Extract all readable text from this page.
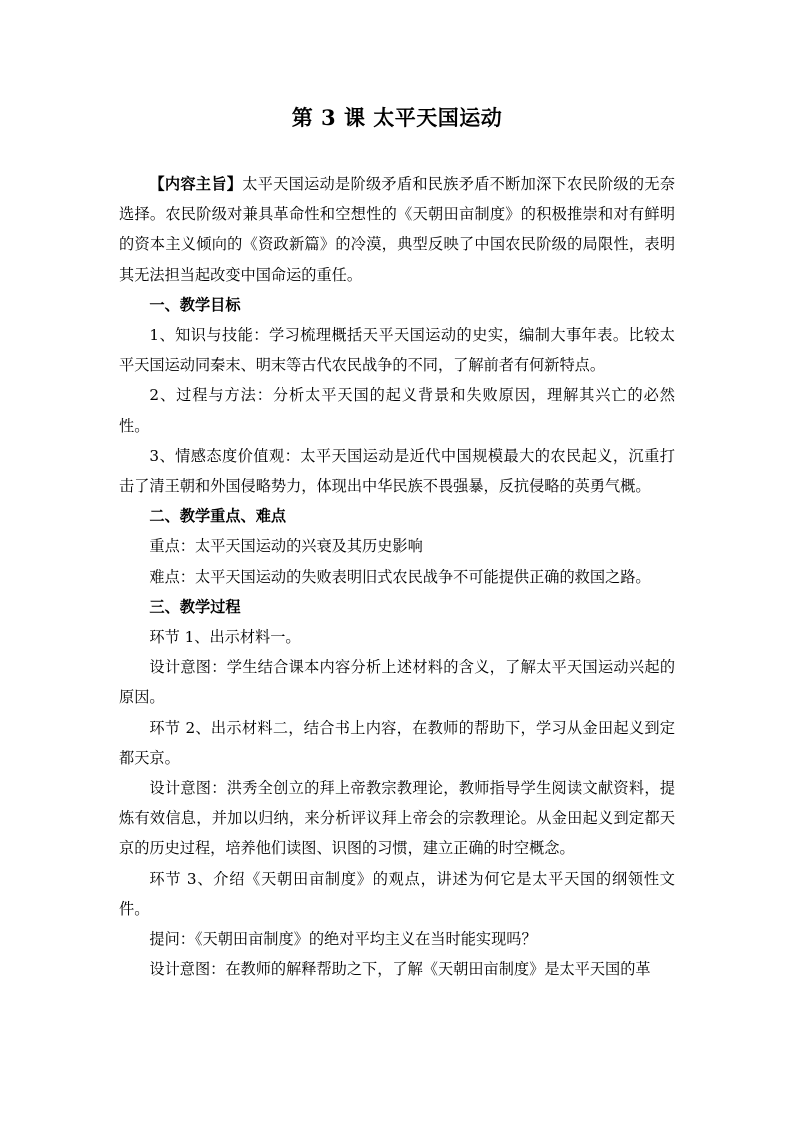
第 3 课 太平天国运动

【内容主旨】太平天国运动是阶级矛盾和民族矛盾不断加深下农民阶级的无奈选择。农民阶级对兼具革命性和空想性的《天朝田亩制度》的积极推崇和对有鲜明的资本主义倾向的《资政新篇》的冷漠，典型反映了中国农民阶级的局限性，表明其无法担当起改变中国命运的重任。

一、教学目标

1、知识与技能：学习梳理概括天平天国运动的史实，编制大事年表。比较太平天国运动同秦末、明末等古代农民战争的不同，了解前者有何新特点。

2、过程与方法：分析太平天国的起义背景和失败原因，理解其兴亡的必然性。

3、情感态度价值观：太平天国运动是近代中国规模最大的农民起义，沉重打击了清王朝和外国侵略势力，体现出中华民族不畏强暴，反抗侵略的英勇气概。

二、教学重点、难点

重点：太平天国运动的兴衰及其历史影响

难点：太平天国运动的失败表明旧式农民战争不可能提供正确的救国之路。

三、教学过程

环节 1、出示材料一。

设计意图：学生结合课本内容分析上述材料的含义，了解太平天国运动兴起的原因。

环节 2、出示材料二，结合书上内容，在教师的帮助下，学习从金田起义到定都天京。

设计意图：洪秀全创立的拜上帝教宗教理论，教师指导学生阅读文献资料，提炼有效信息，并加以归纳，来分析评议拜上帝会的宗教理论。从金田起义到定都天京的历史过程，培养他们读图、识图的习惯，建立正确的时空概念。

环节 3、介绍《天朝田亩制度》的观点，讲述为何它是太平天国的纲领性文件。

提问：《天朝田亩制度》的绝对平均主义在当时能实现吗？

设计意图：在教师的解释帮助之下，了解《天朝田亩制度》是太平天国的革
